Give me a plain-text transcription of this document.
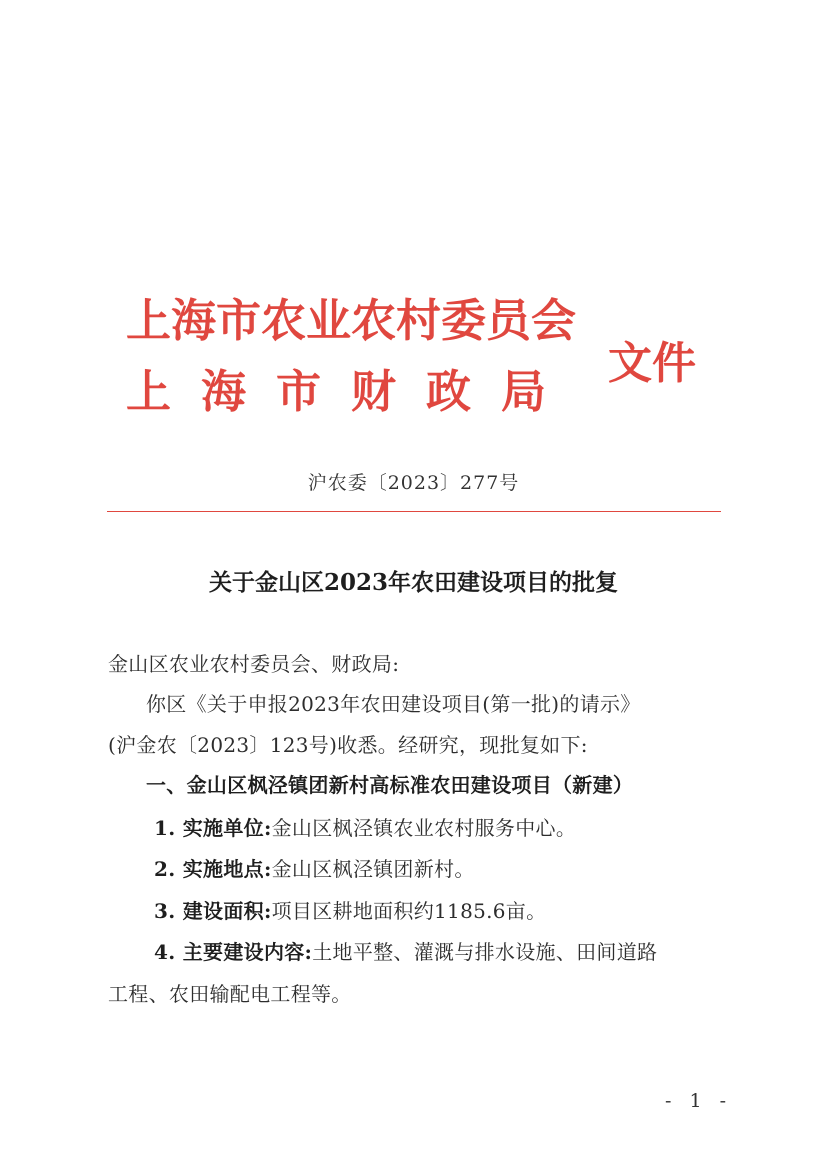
上海市农业农村委员会
上海市财政局
文件
沪农委〔2023〕277号
关于金山区2023年农田建设项目的批复
金山区农业农村委员会、财政局:
你区《关于申报2023年农田建设项目(第一批)的请示》
(沪金农〔2023〕123号)收悉。经研究，现批复如下:
一、金山区枫泾镇团新村高标准农田建设项目（新建）
1. 实施单位:金山区枫泾镇农业农村服务中心。
2. 实施地点:金山区枫泾镇团新村。
3. 建设面积:项目区耕地面积约1185.6亩。
4. 主要建设内容:土地平整、灌溉与排水设施、田间道路
工程、农田输配电工程等。
- 1 -
